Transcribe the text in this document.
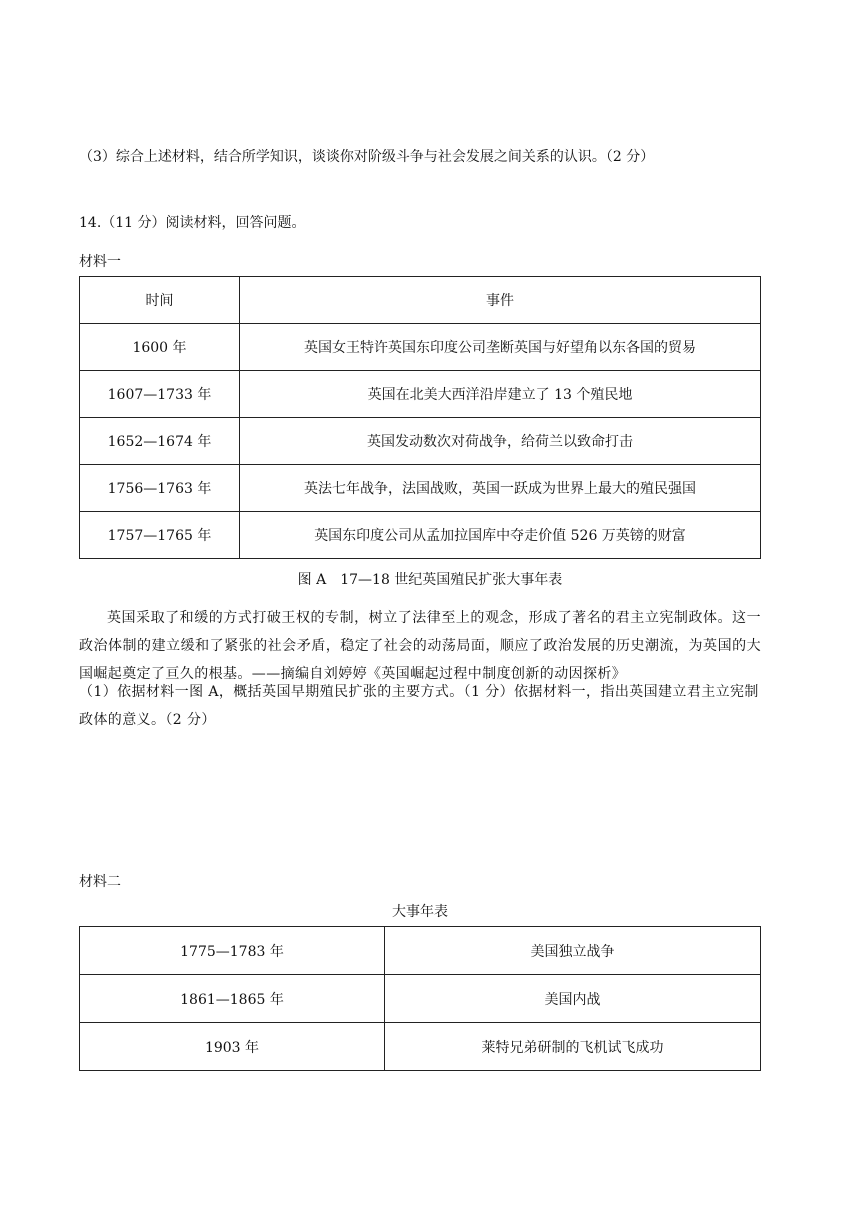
（3）综合上述材料，结合所学知识，谈谈你对阶级斗争与社会发展之间关系的认识。（2 分）
14.（11 分）阅读材料，回答问题。
材料一
时间	事件
1600 年	英国女王特许英国东印度公司垄断英国与好望角以东各国的贸易
1607—1733 年	英国在北美大西洋沿岸建立了 13 个殖民地
1652—1674 年	英国发动数次对荷战争，给荷兰以致命打击
1756—1763 年	英法七年战争，法国战败，英国一跃成为世界上最大的殖民强国
1757—1765 年	英国东印度公司从孟加拉国库中夺走价值 526 万英镑的财富
图 A　17—18 世纪英国殖民扩张大事年表
英国采取了和缓的方式打破王权的专制，树立了法律至上的观念，形成了著名的君主立宪制政体。这一政治体制的建立缓和了紧张的社会矛盾，稳定了社会的动荡局面，顺应了政治发展的历史潮流，为英国的大国崛起奠定了亘久的根基。——摘编自刘婷婷《英国崛起过程中制度创新的动因探析》
（1）依据材料一图 A，概括英国早期殖民扩张的主要方式。（1 分）依据材料一，指出英国建立君主立宪制政体的意义。（2 分）
材料二
大事年表
1775—1783 年	美国独立战争
1861—1865 年	美国内战
1903 年	莱特兄弟研制的飞机试飞成功
